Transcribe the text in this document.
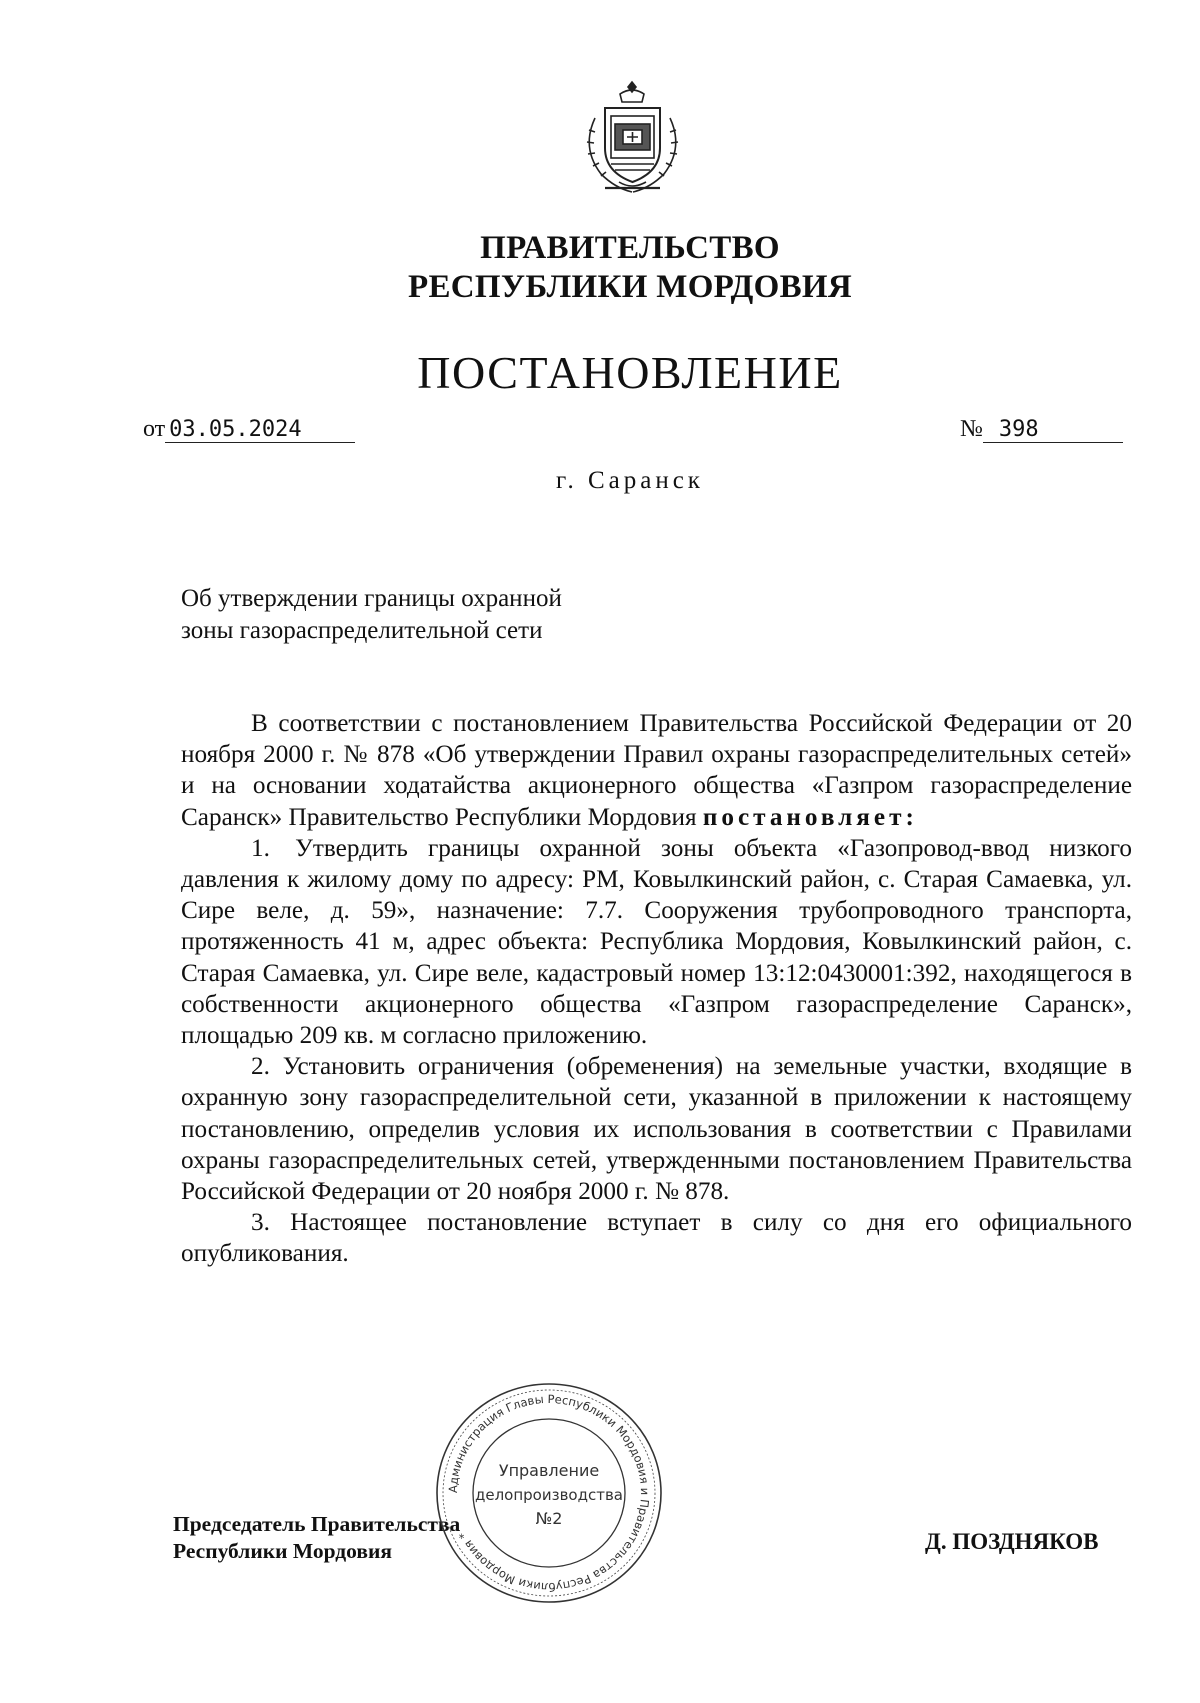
ПРАВИТЕЛЬСТВО
РЕСПУБЛИКИ МОРДОВИЯ
ПОСТАНОВЛЕНИЕ
от 03.05.2024	№ 398
г. Саранск
Об утверждении границы охранной
зоны газораспределительной сети

В соответствии с постановлением Правительства Российской Федерации от 20 ноября 2000 г. № 878 «Об утверждении Правил охраны газораспределительных сетей» и на основании ходатайства акционерного общества «Газпром газораспределение Саранск» Правительство Республики Мордовия постановляет:

1. Утвердить границы охранной зоны объекта «Газопровод-ввод низкого давления к жилому дому по адресу: РМ, Ковылкинский район, с. Старая Самаевка, ул. Сире веле, д. 59», назначение: 7.7. Сооружения трубопроводного транспорта, протяженность 41 м, адрес объекта: Республика Мордовия, Ковылкинский район, с. Старая Самаевка, ул. Сире веле, кадастровый номер 13:12:0430001:392, находящегося в собственности акционерного общества «Газпром газораспределение Саранск», площадью 209 кв. м согласно приложению.

2. Установить ограничения (обременения) на земельные участки, входящие в охранную зону газораспределительной сети, указанной в приложении к настоящему постановлению, определив условия их использования в соответствии с Правилами охраны газораспределительных сетей, утвержденными постановлением Правительства Российской Федерации от 20 ноября 2000 г. № 878.

3. Настоящее постановление вступает в силу со дня его официального опубликования.

Председатель Правительства
Республики Мордовия	Д. ПОЗДНЯКОВ
Администрация Главы Республики Мордовия и Правительства Республики Мордовия *
Управление
делопроизводства
№2
